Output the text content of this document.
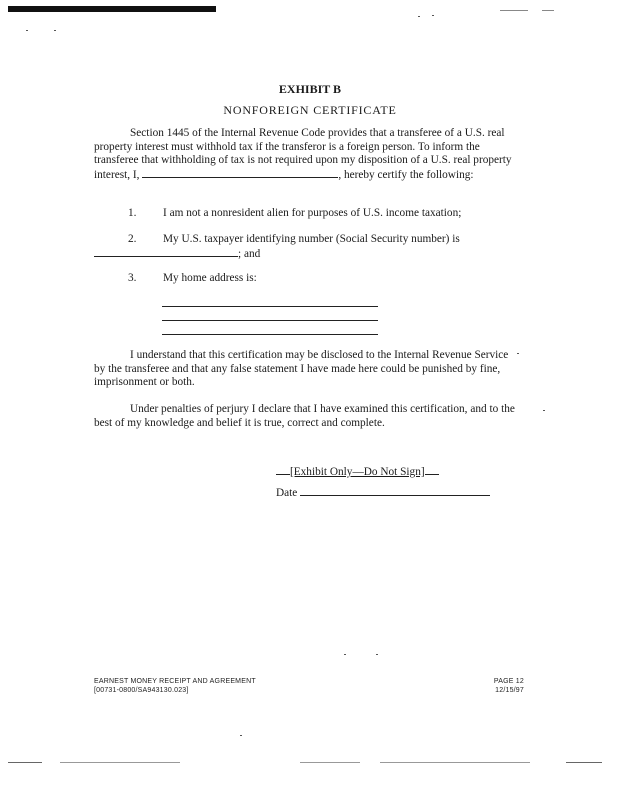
EXHIBIT B
NONFOREIGN CERTIFICATE

Section 1445 of the Internal Revenue Code provides that a transferee of a U.S. real property interest must withhold tax if the transferor is a foreign person. To inform the transferee that withholding of tax is not required upon my disposition of a U.S. real property interest, I,	, hereby certify the following:

1. I am not a nonresident alien for purposes of U.S. income taxation;
2. My U.S. taxpayer identifying number (Social Security number) is
; and
3. My home address is:

I understand that this certification may be disclosed to the Internal Revenue Service by the transferee and that any false statement I have made here could be punished by fine, imprisonment or both.

Under penalties of perjury I declare that I have examined this certification, and to the best of my knowledge and belief it is true, correct and complete.

[Exhibit Only—Do Not Sign]
Date
EARNEST MONEY RECEIPT AND AGREEMENT
[00731-0800/SA943130.023]
PAGE 12
12/15/97
